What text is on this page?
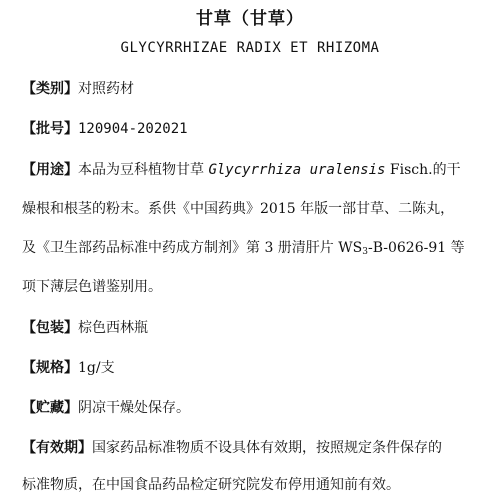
甘草（甘草）
GLYCYRRHIZAE RADIX ET RHIZOMA
【类别】对照药材
【批号】120904-202021
【用途】本品为豆科植物甘草 Glycyrrhiza uralensis Fisch.的干
燥根和根茎的粉末。系供《中国药典》2015 年版一部甘草、二陈丸，
及《卫生部药品标准中药成方制剂》第 3 册清肝片 $WS_3-B-0626-91$ 等
项下薄层色谱鉴别用。
【包装】棕色西林瓶
【规格】1g/支
【贮藏】阴凉干燥处保存。
【有效期】国家药品标准物质不设具体有效期，按照规定条件保存的
标准物质，在中国食品药品检定研究院发布停用通知前有效。
